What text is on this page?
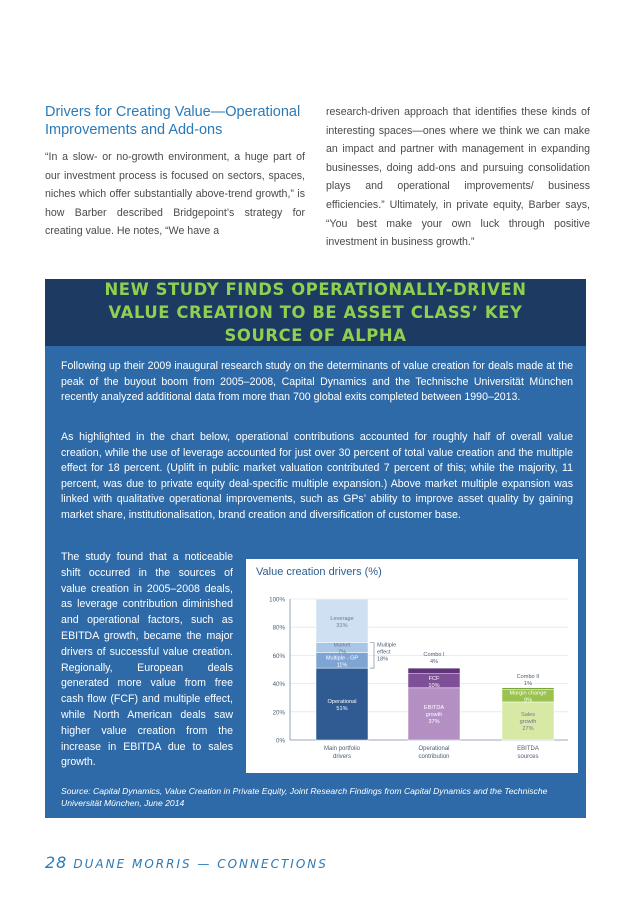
Drivers for Creating Value—Operational Improvements and Add-ons

“In a slow- or no-growth environment, a huge part of our investment process is focused on sectors, spaces, niches which offer substantially above-trend growth,” is how Barber described Bridgepoint’s strategy for creating value. He notes, “We have a

research-driven approach that identifies these kinds of interesting spaces—ones where we think we can make an impact and partner with management in expanding businesses, doing add-ons and pursuing consolidation plays and operational improvements/ business efficiencies.” Ultimately, in private equity, Barber says, “You best make your own luck through positive investment in business growth.”

NEW STUDY FINDS OPERATIONALLY-DRIVEN VALUE CREATION TO BE ASSET CLASS’ KEY SOURCE OF ALPHA

Following up their 2009 inaugural research study on the determinants of value creation for deals made at the peak of the buyout boom from 2005–2008, Capital Dynamics and the Technische Universität München recently analyzed additional data from more than 700 global exits completed between 1990–2013.

As highlighted in the chart below, operational contributions accounted for roughly half of overall value creation, while the use of leverage accounted for just over 30 percent of total value creation and the multiple effect for 18 percent. (Uplift in public market valuation contributed 7 percent of this; while the majority, 11 percent, was due to private equity deal-specific multiple expansion.) Above market multiple expansion was linked with qualitative operational improvements, such as GPs’ ability to improve asset quality by gaining market share, institutionalisation, brand creation and diversification of customer base.

The study found that a noticeable shift occurred in the sources of value creation in 2005–2008 deals, as leverage contribution diminished and operational factors, such as EBITDA growth, became the major drivers of successful value creation. Regionally, European deals generated more value from free cash flow (FCF) and multiple effect, while North American deals saw higher value creation from the increase in EBITDA due to sales growth.

Value creation drivers (%)
0%
20%
40%
60%
80%
100%
Operational
51%
Multiple - GP
11%
Market
7%
Leverage
31%
Main portfolio
drivers
EBITDA
growth
37%
FCF
10%
Combo I
4%
Operational
contribution
Sales
growth
27%
Margin change
9%
Combo II
1%
EBITDA
sources
Multiple
effect
18%

Source: Capital Dynamics, Value Creation in Private Equity, Joint Research Findings from Capital Dynamics and the Technische Universität München, June 2014

28 DUANE MORRIS — CONNECTIONS
